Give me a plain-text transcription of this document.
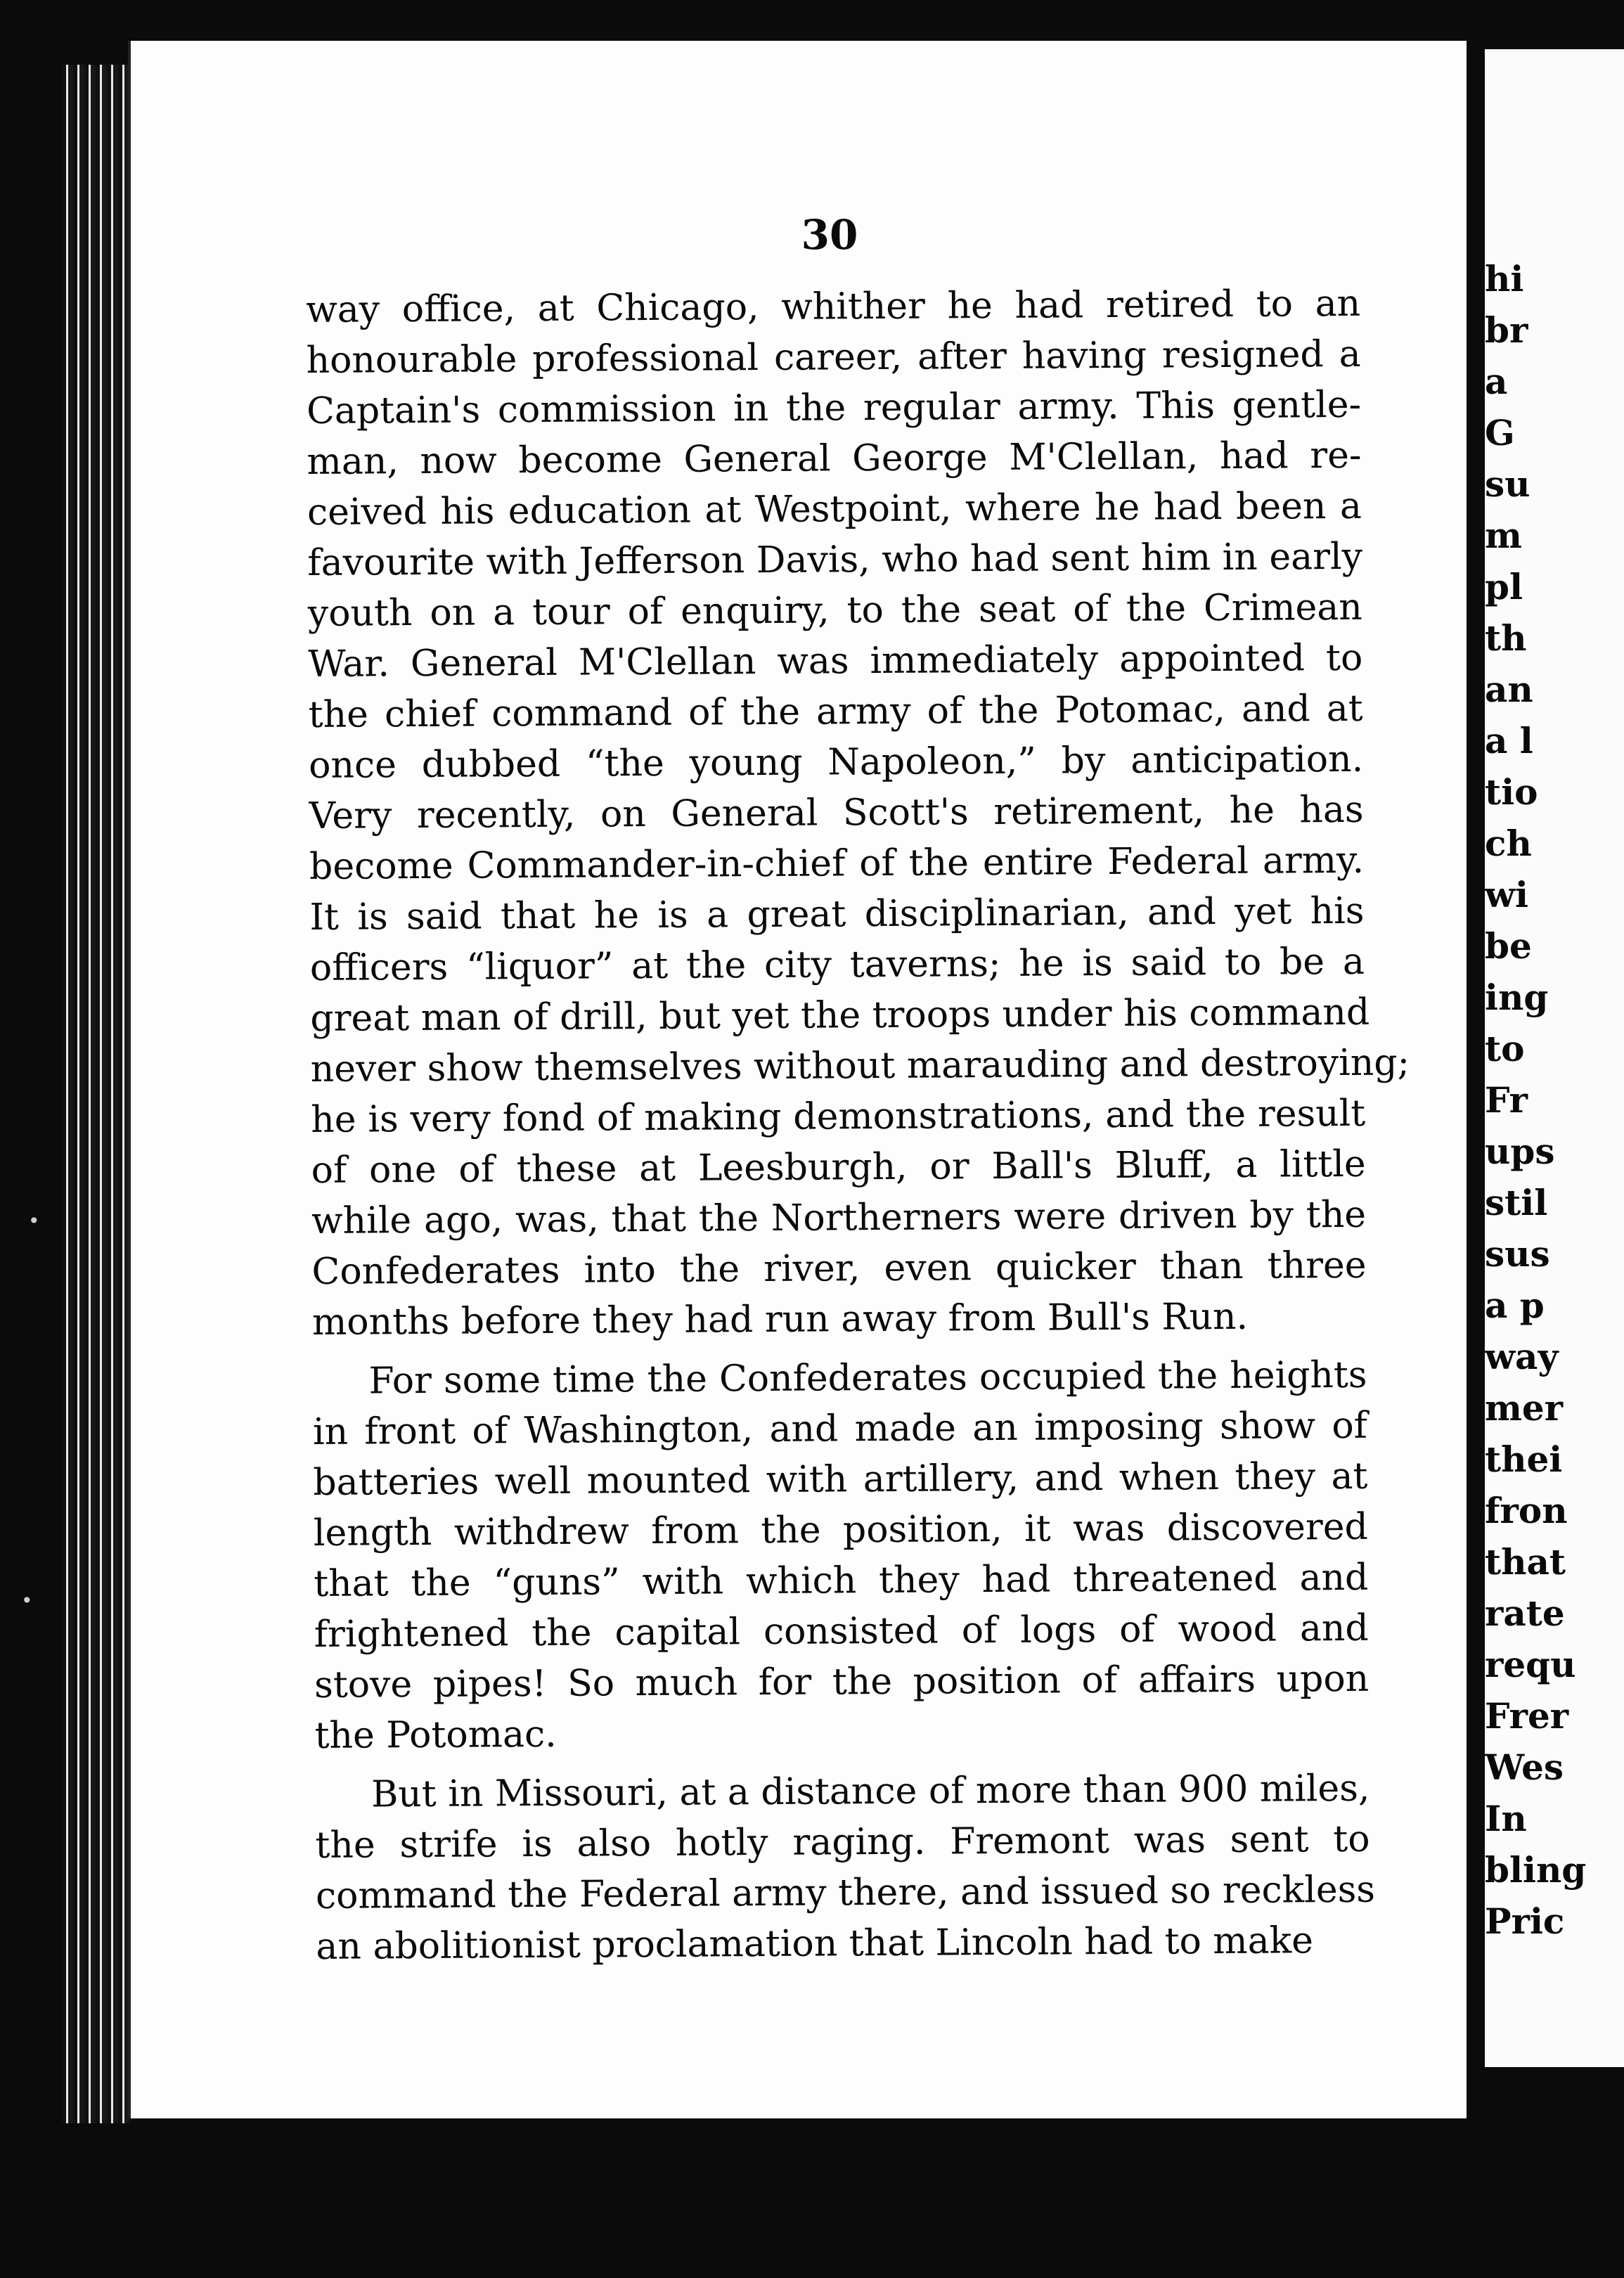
hi
br
a
G
su
m
pl
th
an
a l
tio
ch
wi
be
ing
to
Fr
ups
stil
sus
a p
way
mer
thei
fron
that
rate
requ
Frer
Wes
In
bling
Pric
30
way office, at Chicago, whither he had retired to an
honourable professional career, after having resigned a
Captain's commission in the regular army. This gentle-
man, now become General George M'Clellan, had re-
ceived his education at Westpoint, where he had been a
favourite with Jefferson Davis, who had sent him in early
youth on a tour of enquiry, to the seat of the Crimean
War. General M'Clellan was immediately appointed to
the chief command of the army of the Potomac, and at
once dubbed “the young Napoleon,” by anticipation.
Very recently, on General Scott's retirement, he has
become Commander-in-chief of the entire Federal army.
It is said that he is a great disciplinarian, and yet his
officers “liquor” at the city taverns; he is said to be a
great man of drill, but yet the troops under his command
never show themselves without marauding and destroying;
he is very fond of making demonstrations, and the result
of one of these at Leesburgh, or Ball's Bluff, a little
while ago, was, that the Northerners were driven by the
Confederates into the river, even quicker than three
months before they had run away from Bull's Run.
For some time the Confederates occupied the heights
in front of Washington, and made an imposing show of
batteries well mounted with artillery, and when they at
length withdrew from the position, it was discovered
that the “guns” with which they had threatened and
frightened the capital consisted of logs of wood and
stove pipes! So much for the position of affairs upon
the Potomac.
But in Missouri, at a distance of more than 900 miles,
the strife is also hotly raging. Fremont was sent to
command the Federal army there, and issued so reckless
an abolitionist proclamation that Lincoln had to make
•
•
